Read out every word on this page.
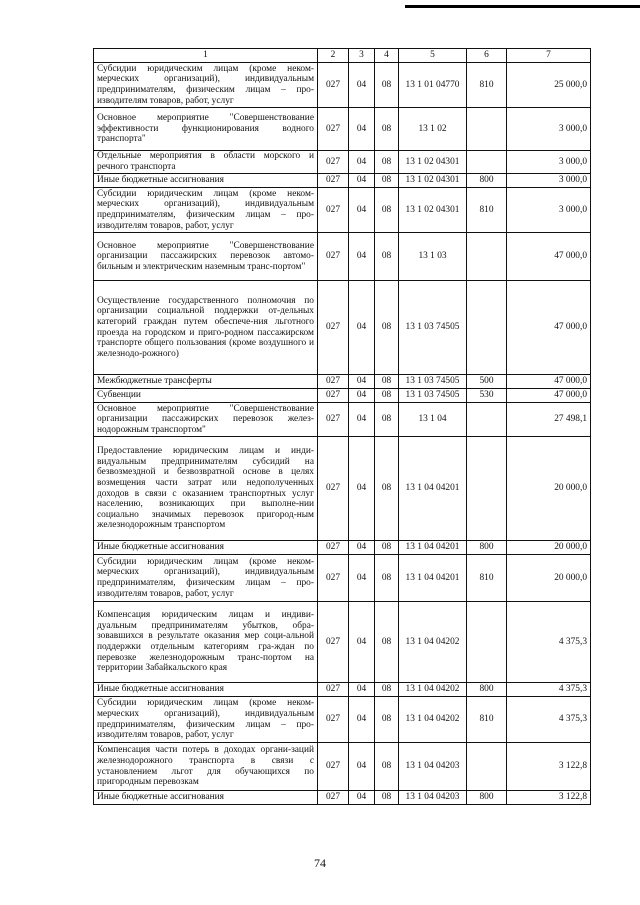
1	2	3	4	5	6	7
Субсидии юридическим лицам (кроме неком-мерческих организаций), индивидуальным предпринимателям, физическим лицам – про-изводителям товаров, работ, услуг	027	04	08	13 1 01 04770	810	25 000,0
Основное мероприятие "Совершенствование эффективности функционирования водного транспорта"	027	04	08	13 1 02		3 000,0
Отдельные мероприятия в области морского и речного транспорта	027	04	08	13 1 02 04301		3 000,0
Иные бюджетные ассигнования	027	04	08	13 1 02 04301	800	3 000,0
Субсидии юридическим лицам (кроме неком-мерческих организаций), индивидуальным предпринимателям, физическим лицам – про-изводителям товаров, работ, услуг	027	04	08	13 1 02 04301	810	3 000,0
Основное мероприятие "Совершенствование организации пассажирских перевозок автомо-бильным и электрическим наземным транс-портом"	027	04	08	13 1 03		47 000,0
Осуществление государственного полномочия по организации социальной поддержки от-дельных категорий граждан путем обеспече-ния льготного проезда на городском и приго-родном пассажирском транспорте общего пользования (кроме воздушного и железнодо-рожного)	027	04	08	13 1 03 74505		47 000,0
Межбюджетные трансферты	027	04	08	13 1 03 74505	500	47 000,0
Субвенции	027	04	08	13 1 03 74505	530	47 000,0
Основное мероприятие "Совершенствование организации пассажирских перевозок желез-нодорожным транспортом"	027	04	08	13 1 04		27 498,1
Предоставление юридическим лицам и инди-видуальным предпринимателям субсидий на безвозмездной и безвозвратной основе в целях возмещения части затрат или недополученных доходов в связи с оказанием транспортных услуг населению, возникающих при выполне-нии социально значимых перевозок пригород-ным железнодорожным транспортом	027	04	08	13 1 04 04201		20 000,0
Иные бюджетные ассигнования	027	04	08	13 1 04 04201	800	20 000,0
Субсидии юридическим лицам (кроме неком-мерческих организаций), индивидуальным предпринимателям, физическим лицам – про-изводителям товаров, работ, услуг	027	04	08	13 1 04 04201	810	20 000,0
Компенсация юридическим лицам и индиви-дуальным предпринимателям убытков, обра-зовавшихся в результате оказания мер соци-альной поддержки отдельным категориям гра-ждан по перевозке железнодорожным транс-портом на территории Забайкальского края	027	04	08	13 1 04 04202		4 375,3
Иные бюджетные ассигнования	027	04	08	13 1 04 04202	800	4 375,3
Субсидии юридическим лицам (кроме неком-мерческих организаций), индивидуальным предпринимателям, физическим лицам – про-изводителям товаров, работ, услуг	027	04	08	13 1 04 04202	810	4 375,3
Компенсация части потерь в доходах органи-заций железнодорожного транспорта в связи с установлением льгот для обучающихся по пригородным перевозкам	027	04	08	13 1 04 04203		3 122,8
Иные бюджетные ассигнования	027	04	08	13 1 04 04203	800	3 122,8
74
